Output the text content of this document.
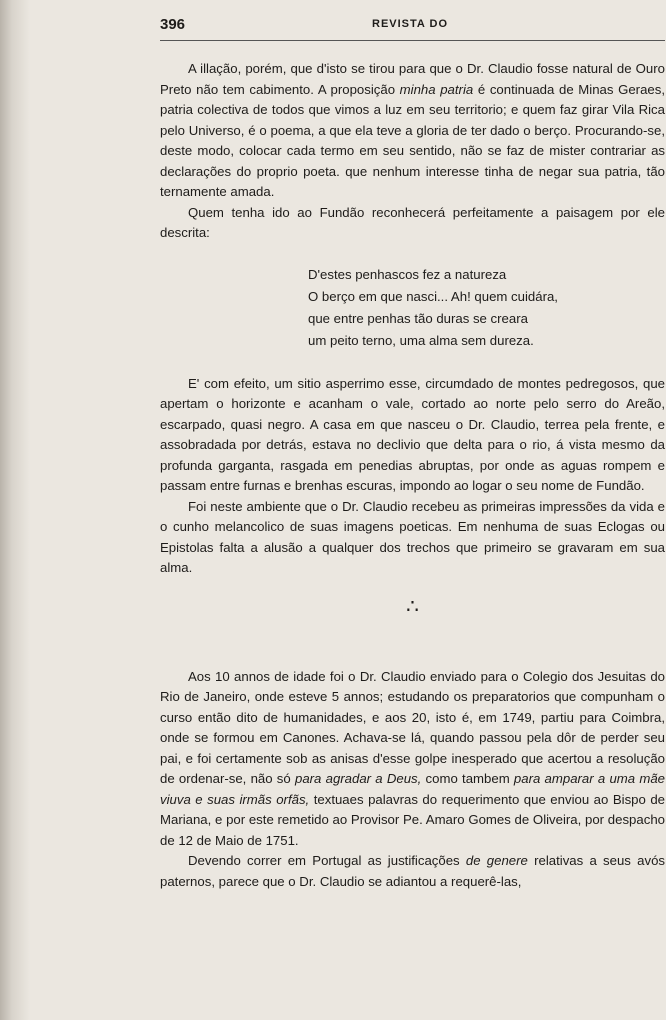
396	REVISTA DO

A illação, porém, que d'isto se tirou para que o Dr. Claudio fosse natural de Ouro Preto não tem cabimento. A proposição minha patria é continuada de Minas Geraes, patria colectiva de todos que vimos a luz em seu territorio; e quem faz girar Vila Rica pelo Universo, é o poema, a que ela teve a gloria de ter dado o berço. Procurando-se, deste modo, colocar cada termo em seu sentido, não se faz de mister contrariar as declarações do proprio poeta. que nenhum interesse tinha de negar sua patria, tão ternamente amada.

Quem tenha ido ao Fundão reconhecerá perfeitamente a paisagem por ele descrita:

D'estes penhascos fez a natureza
O berço em que nasci... Ah! quem cuidára,
que entre penhas tão duras se creara
um peito terno, uma alma sem dureza.

E' com efeito, um sitio asperrimo esse, circumdado de montes pedregosos, que apertam o horizonte e acanham o vale, cortado ao norte pelo serro do Areão, escarpado, quasi negro. A casa em que nasceu o Dr. Claudio, terrea pela frente, e assobradada por detrás, estava no declivio que delta para o rio, á vista mesmo da profunda garganta, rasgada em penedias abruptas, por onde as aguas rompem e passam entre furnas e brenhas escuras, impondo ao logar o seu nome de Fundão.

Foi neste ambiente que o Dr. Claudio recebeu as primeiras impressões da vida e o cunho melancolico de suas imagens poeticas. Em nenhuma de suas Eclogas ou Epistolas falta a alusão a qualquer dos trechos que primeiro se gravaram em sua alma.

∴

Aos 10 annos de idade foi o Dr. Claudio enviado para o Colegio dos Jesuitas do Rio de Janeiro, onde esteve 5 annos; estudando os preparatorios que compunham o curso então dito de humanidades, e aos 20, isto é, em 1749, partiu para Coimbra, onde se formou em Canones. Achava-se lá, quando passou pela dôr de perder seu pai, e foi certamente sob as anisas d'esse golpe inesperado que acertou a resolução de ordenar-se, não só para agradar a Deus, como tambem para amparar a uma mãe viuva e suas irmãs orfãs, textuaes palavras do requerimento que enviou ao Bispo de Mariana, e por este remetido ao Provisor Pe. Amaro Gomes de Oliveira, por despacho de 12 de Maio de 1751.

Devendo correr em Portugal as justificações de genere relativas a seus avós paternos, parece que o Dr. Claudio se adiantou a requerê-las,
